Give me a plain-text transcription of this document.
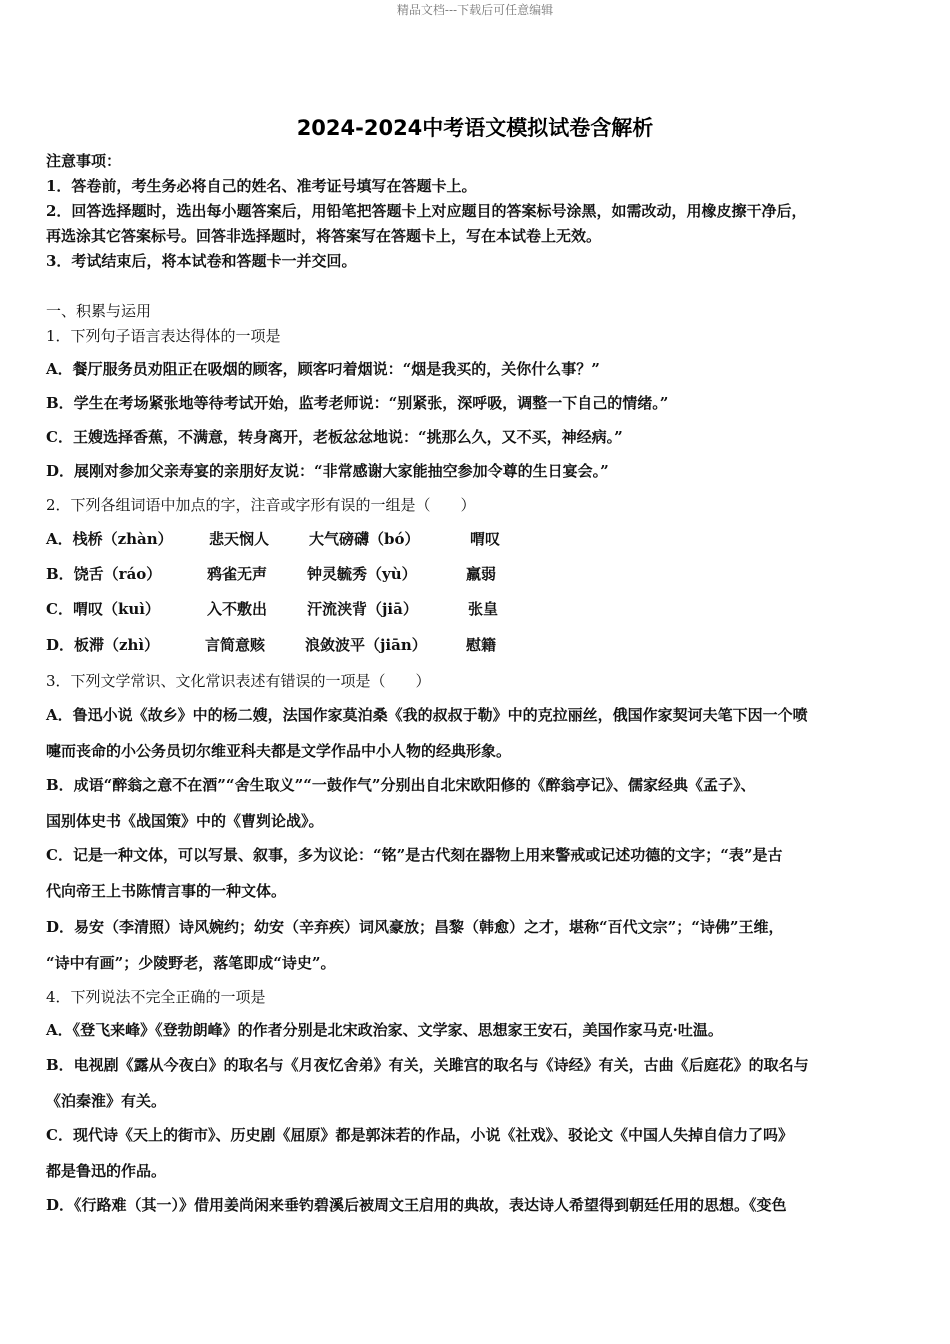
精品文档---下载后可任意编辑
2024-2024中考语文模拟试卷含解析
注意事项：
1．答卷前，考生务必将自己的姓名、准考证号填写在答题卡上。
2．回答选择题时，选出每小题答案后，用铅笔把答题卡上对应题目的答案标号涂黑，如需改动，用橡皮擦干净后，
再选涂其它答案标号。回答非选择题时，将答案写在答题卡上，写在本试卷上无效。
3．考试结束后，将本试卷和答题卡一并交回。
一、积累与运用
1．下列句子语言表达得体的一项是
A．餐厅服务员劝阻正在吸烟的顾客，顾客叼着烟说：“烟是我买的，关你什么事？”
B．学生在考场紧张地等待考试开始，监考老师说：“别紧张，深呼吸，调整一下自己的情绪。”
C．王嫂选择香蕉，不满意，转身离开，老板忿忿地说：“挑那么久，又不买，神经病。”
D．展刚对参加父亲寿宴的亲朋好友说：“非常感谢大家能抽空参加令尊的生日宴会。”
2．下列各组词语中加点的字，注音或字形有误的一组是（　　）
A．栈桥（zhàn） 悲天悯人	大气磅礴（bó）	喟叹
B．饶舌（ráo）	鸦雀无声	钟灵毓秀（yù）	羸弱
C．喟叹（kuì）	入不敷出	汗流浃背（jiā）	张皇
D．板滞（zhì）	言简意赅	浪敛波平（jiān）	慰籍
3．下列文学常识、文化常识表述有错误的一项是（　　）
A．鲁迅小说《故乡》中的杨二嫂，法国作家莫泊桑《我的叔叔于勒》中的克拉丽丝，俄国作家契诃夫笔下因一个喷
嚏而丧命的小公务员切尔维亚科夫都是文学作品中小人物的经典形象。
B．成语“醉翁之意不在酒”“舍生取义”“一鼓作气”分别出自北宋欧阳修的《醉翁亭记》、儒家经典《孟子》、
国别体史书《战国策》中的《曹刿论战》。
C．记是一种文体，可以写景、叙事，多为议论：“铭”是古代刻在器物上用来警戒或记述功德的文字；“表”是古
代向帝王上书陈情言事的一种文体。
D．易安（李清照）诗风婉约；幼安（辛弃疾）词风豪放；昌黎（韩愈）之才，堪称“百代文宗”；“诗佛”王维，
“诗中有画”；少陵野老，落笔即成“诗史”。
4．下列说法不完全正确的一项是
A．《登飞来峰》《登勃朗峰》的作者分别是北宋政治家、文学家、思想家王安石，美国作家马克·吐温。
B．电视剧《露从今夜白》的取名与《月夜忆舍弟》有关，关雎宫的取名与《诗经》有关，古曲《后庭花》的取名与
《泊秦淮》有关。
C．现代诗《天上的街市》、历史剧《屈原》都是郭沫若的作品，小说《社戏》、驳论文《中国人失掉自信力了吗》
都是鲁迅的作品。
D．《行路难（其一）》借用姜尚闲来垂钓碧溪后被周文王启用的典故，表达诗人希望得到朝廷任用的思想。《变色
